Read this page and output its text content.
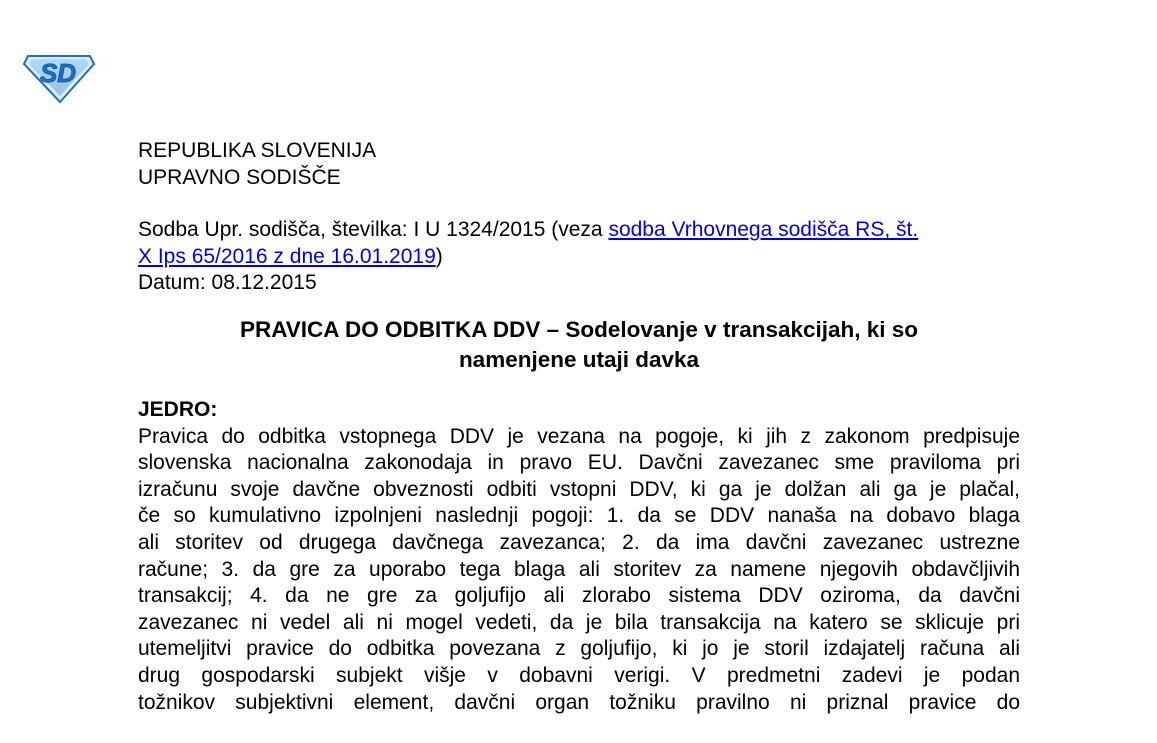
SD
REPUBLIKA SLOVENIJA
UPRAVNO SODIŠČE
Sodba Upr. sodišča, številka: I U 1324/2015 (veza sodba Vrhovnega sodišča RS, št.
X Ips 65/2016 z dne 16.01.2019)
Datum: 08.12.2015
PRAVICA DO ODBITKA DDV – Sodelovanje v transakcijah, ki so
namenjene utaji davka
JEDRO:
Pravica do odbitka vstopnega DDV je vezana na pogoje, ki jih z zakonom predpisuje
slovenska nacionalna zakonodaja in pravo EU. Davčni zavezanec sme praviloma pri
izračunu svoje davčne obveznosti odbiti vstopni DDV, ki ga je dolžan ali ga je plačal,
če so kumulativno izpolnjeni naslednji pogoji: 1. da se DDV nanaša na dobavo blaga
ali storitev od drugega davčnega zavezanca; 2. da ima davčni zavezanec ustrezne
račune; 3. da gre za uporabo tega blaga ali storitev za namene njegovih obdavčljivih
transakcij; 4. da ne gre za goljufijo ali zlorabo sistema DDV oziroma, da davčni
zavezanec ni vedel ali ni mogel vedeti, da je bila transakcija na katero se sklicuje pri
utemeljitvi pravice do odbitka povezana z goljufijo, ki jo je storil izdajatelj računa ali
drug gospodarski subjekt višje v dobavni verigi. V predmetni zadevi je podan
tožnikov subjektivni element, davčni organ tožniku pravilno ni priznal pravice do
